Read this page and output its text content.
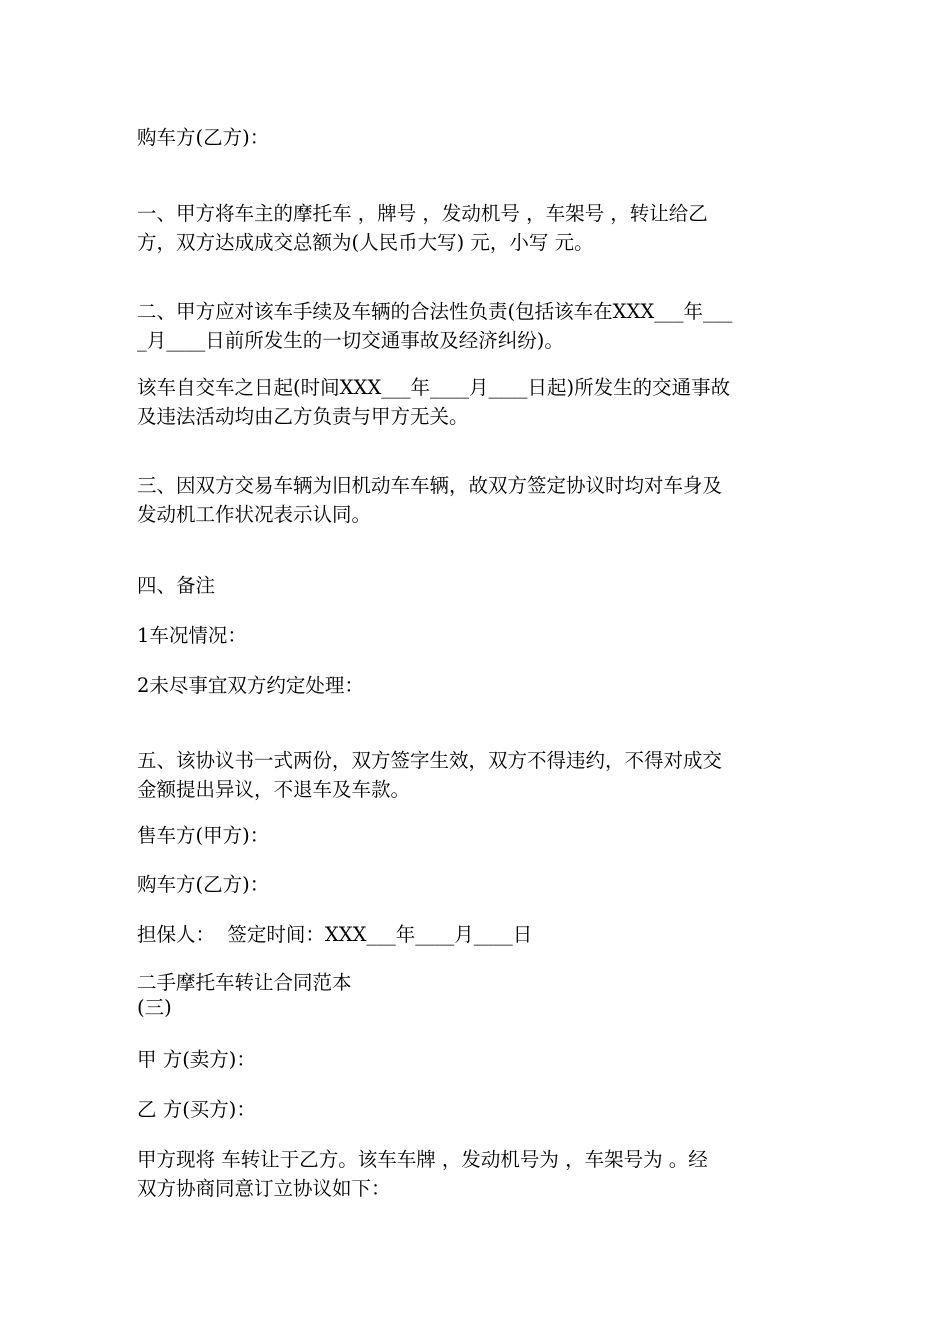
购车方(乙方)：

一、甲方将车主的摩托车 ，牌号 ，发动机号 ，车架号 ，转让给乙
方，双方达成成交总额为(人民币大写) 元，小写 元。

二、甲方应对该车手续及车辆的合法性负责(包括该车在XXX___年___
_月____日前所发生的一切交通事故及经济纠纷)。

该车自交车之日起(时间XXX___年____月____日起)所发生的交通事故
及违法活动均由乙方负责与甲方无关。

三、因双方交易车辆为旧机动车车辆，故双方签定协议时均对车身及
发动机工作状况表示认同。

四、备注

1车况情况：

2未尽事宜双方约定处理：

五、该协议书一式两份，双方签字生效，双方不得违约，不得对成交
金额提出异议，不退车及车款。

售车方(甲方)：

购车方(乙方)：

担保人：  签定时间：XXX___年____月____日

二手摩托车转让合同范本
(三)

甲 方(卖方)：

乙 方(买方)：

甲方现将 车转让于乙方。该车车牌 ，发动机号为 ，车架号为 。经
双方协商同意订立协议如下：
